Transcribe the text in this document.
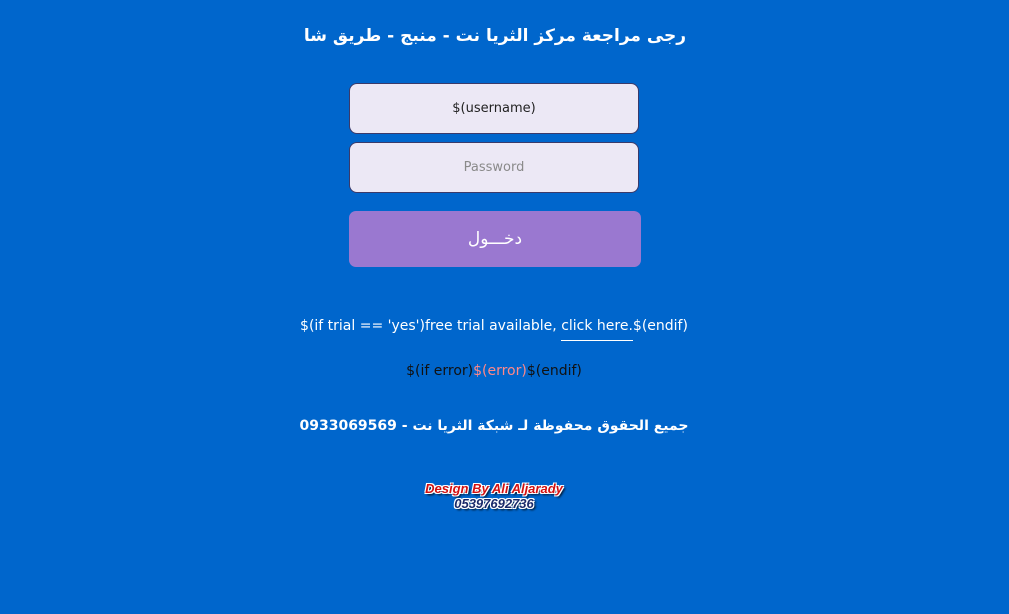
رجى مراجعة مركز الثريا نت - منبج - طريق شا
$(username)
دخـــول
$(if trial == 'yes')free trial available, click here.$(endif)
$(if error)$(error)$(endif)
جميع الحقوق محفوظة لـ شبكة الثريا نت - 0933069569
Design By Ali Aljarady
05397692736
